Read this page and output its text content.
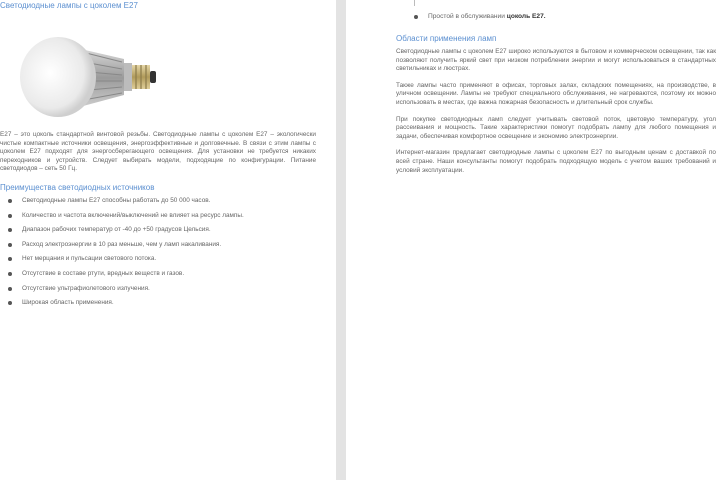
Светодиодные лампы с цоколем E27

E27 – это цоколь стандартной винтовой резьбы. Светодиодные лампы с цоколем E27 – экологически чистые компактные источники освещения, энергоэффективные и долговечные. В связи с этим лампы с цоколем E27 подходят для энергосберегающего освещения. Для установки не требуется никаких переходников и устройств. Следует выбирать модели, подходящие по конфигурации. Питание светодиодов – сеть 50 Гц.

Преимущества светодиодных источников

Светодиодные лампы E27 способны работать до 50 000 часов.
Количество и частота включений/выключений не влияет на ресурс лампы.
Диапазон рабочих температур от -40 до +50 градусов Цельсия.
Расход электроэнергии в 10 раз меньше, чем у ламп накаливания.
Нет мерцания и пульсации светового потока.
Отсутствие в составе ртути, вредных веществ и газов.
Отсутствие ультрафиолетового излучения.
Широкая область применения.
Простой в обслуживании цоколь E27.

Области применения ламп

Светодиодные лампы с цоколем E27 широко используются в бытовом и коммерческом освещении, так как позволяют получить яркий свет при низком потреблении энергии и могут использоваться в стандартных светильниках и люстрах.

Также лампы часто применяют в офисах, торговых залах, складских помещениях, на производстве, в уличном освещении. Лампы не требуют специального обслуживания, не нагреваются, поэтому их можно использовать в местах, где важна пожарная безопасность и длительный срок службы.

При покупке светодиодных ламп следует учитывать световой поток, цветовую температуру, угол рассеивания и мощность. Такие характеристики помогут подобрать лампу для любого помещения и задачи, обеспечивая комфортное освещение и экономию электроэнергии.

Интернет-магазин предлагает светодиодные лампы с цоколем E27 по выгодным ценам с доставкой по всей стране. Наши консультанты помогут подобрать подходящую модель с учетом ваших требований и условий эксплуатации.
